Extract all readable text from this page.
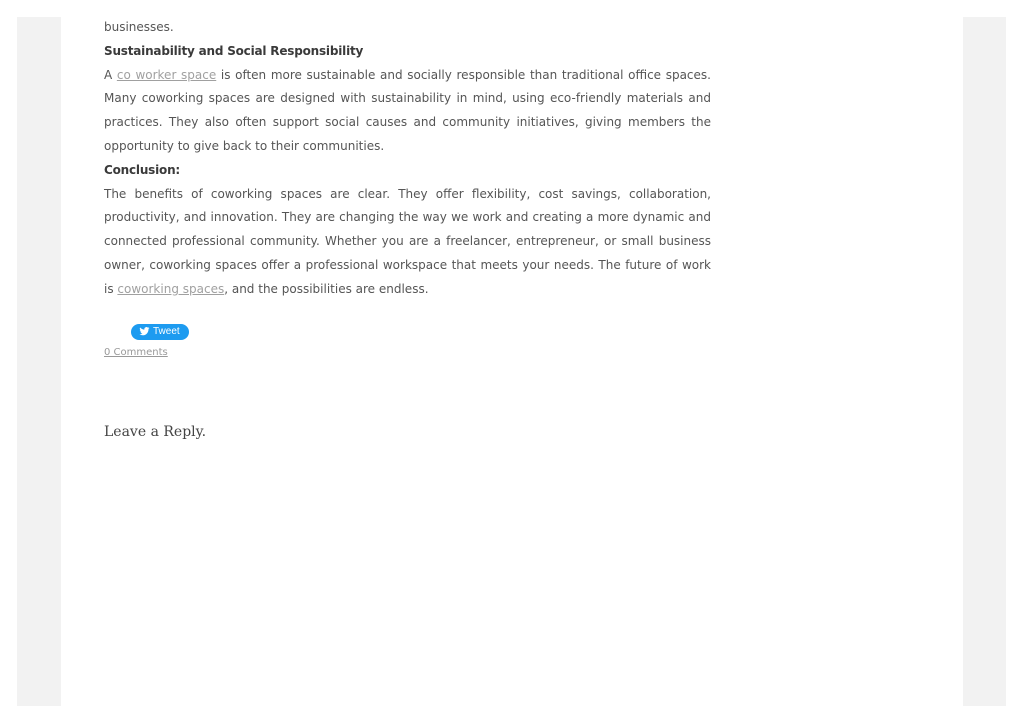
businesses.

Sustainability and Social Responsibility

A co worker space is often more sustainable and socially responsible than traditional office spaces. Many coworking spaces are designed with sustainability in mind, using eco-friendly materials and practices. They also often support social causes and community initiatives, giving members the opportunity to give back to their communities.

Conclusion:

The benefits of coworking spaces are clear. They offer flexibility, cost savings, collaboration, productivity, and innovation. They are changing the way we work and creating a more dynamic and connected professional community. Whether you are a freelancer, entrepreneur, or small business owner, coworking spaces offer a professional workspace that meets your needs. The future of work is coworking spaces, and the possibilities are endless.

Tweet
0 Comments
Leave a Reply.
